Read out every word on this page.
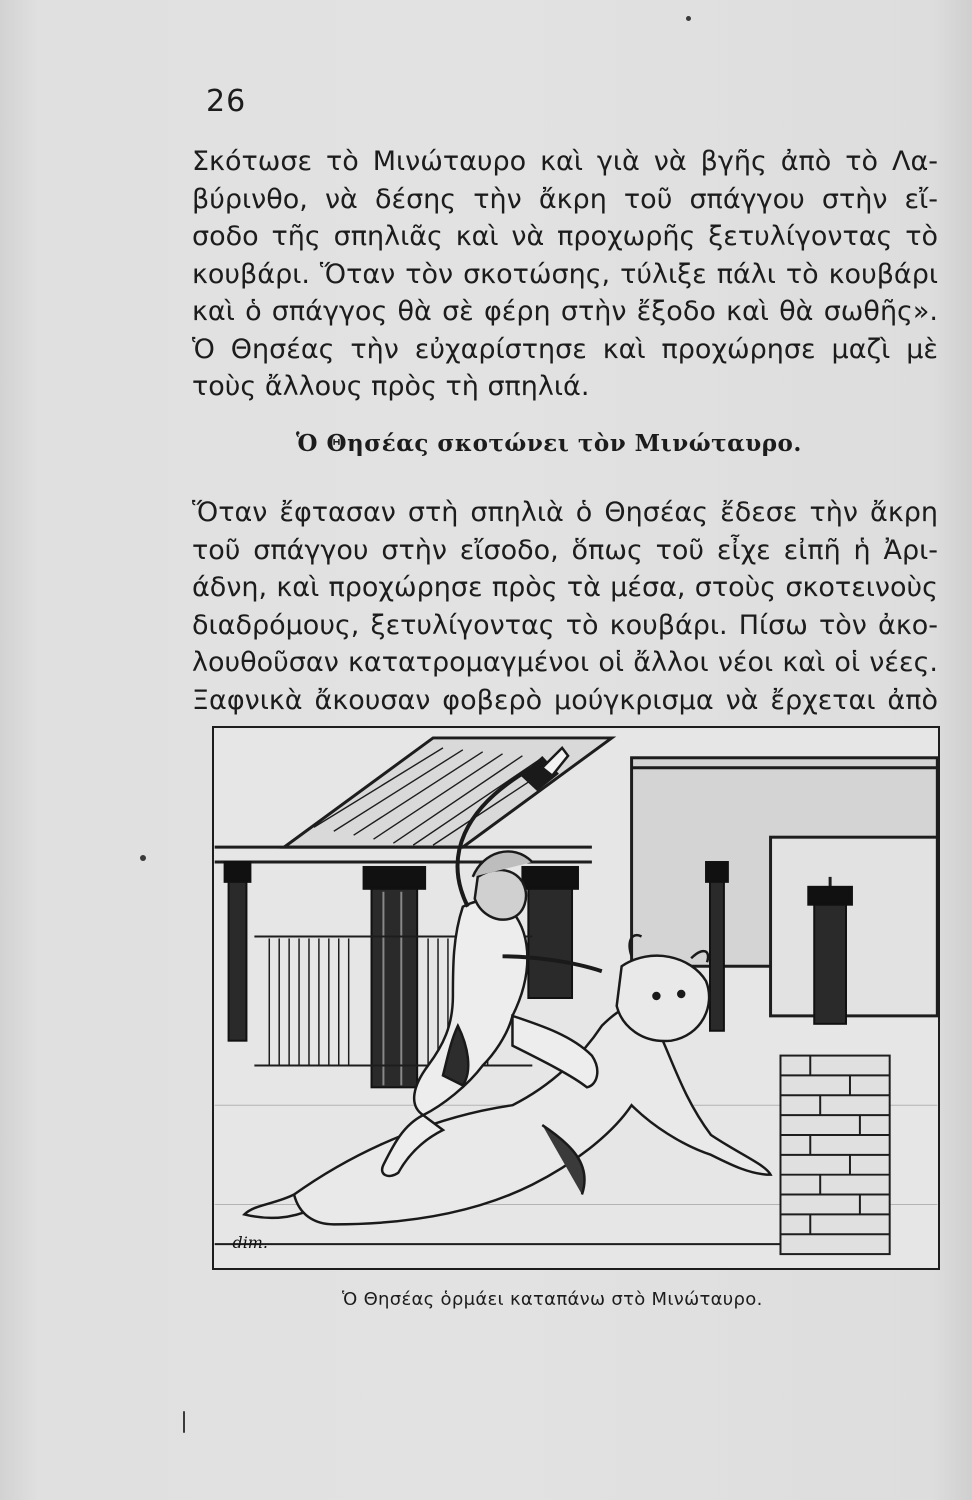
26
Σκότωσε τὸ Μινώταυρο καὶ γιὰ νὰ βγῆς ἀπὸ τὸ Λα-
βύρινθο, νὰ δέσης τὴν ἄκρη τοῦ σπάγγου στὴν εἴ-
σοδο τῆς σπηλιᾶς καὶ νὰ προχωρῆς ξετυλίγοντας τὸ
κουβάρι. Ὅταν τὸν σκοτώσης, τύλιξε πάλι τὸ κουβάρι
καὶ ὁ σπάγγος θὰ σὲ φέρη στὴν ἔξοδο καὶ θὰ σωθῆς».
Ὁ Θησέας τὴν εὐχαρίστησε καὶ προχώρησε μαζὶ μὲ
τοὺς ἄλλους πρὸς τὴ σπηλιά.
Ὁ Θησέας σκοτώνει τὸν Μινώταυρο.
Ὅταν ἔφτασαν στὴ σπηλιὰ ὁ Θησέας ἔδεσε τὴν ἄκρη
τοῦ σπάγγου στὴν εἴσοδο, ὅπως τοῦ εἶχε εἰπῆ ἡ Ἀρι-
άδνη, καὶ προχώρησε πρὸς τὰ μέσα, στοὺς σκοτεινοὺς
διαδρόμους, ξετυλίγοντας τὸ κουβάρι. Πίσω τὸν ἀκο-
λουθοῦσαν κατατρομαγμένοι οἱ ἄλλοι νέοι καὶ οἱ νέες.
Ξαφνικὰ ἄκουσαν φοβερὸ μούγκρισμα νὰ ἔρχεται ἀπὸ
dim.
Ὁ Θησέας ὁρμάει καταπάνω στὸ Μινώταυρο.
